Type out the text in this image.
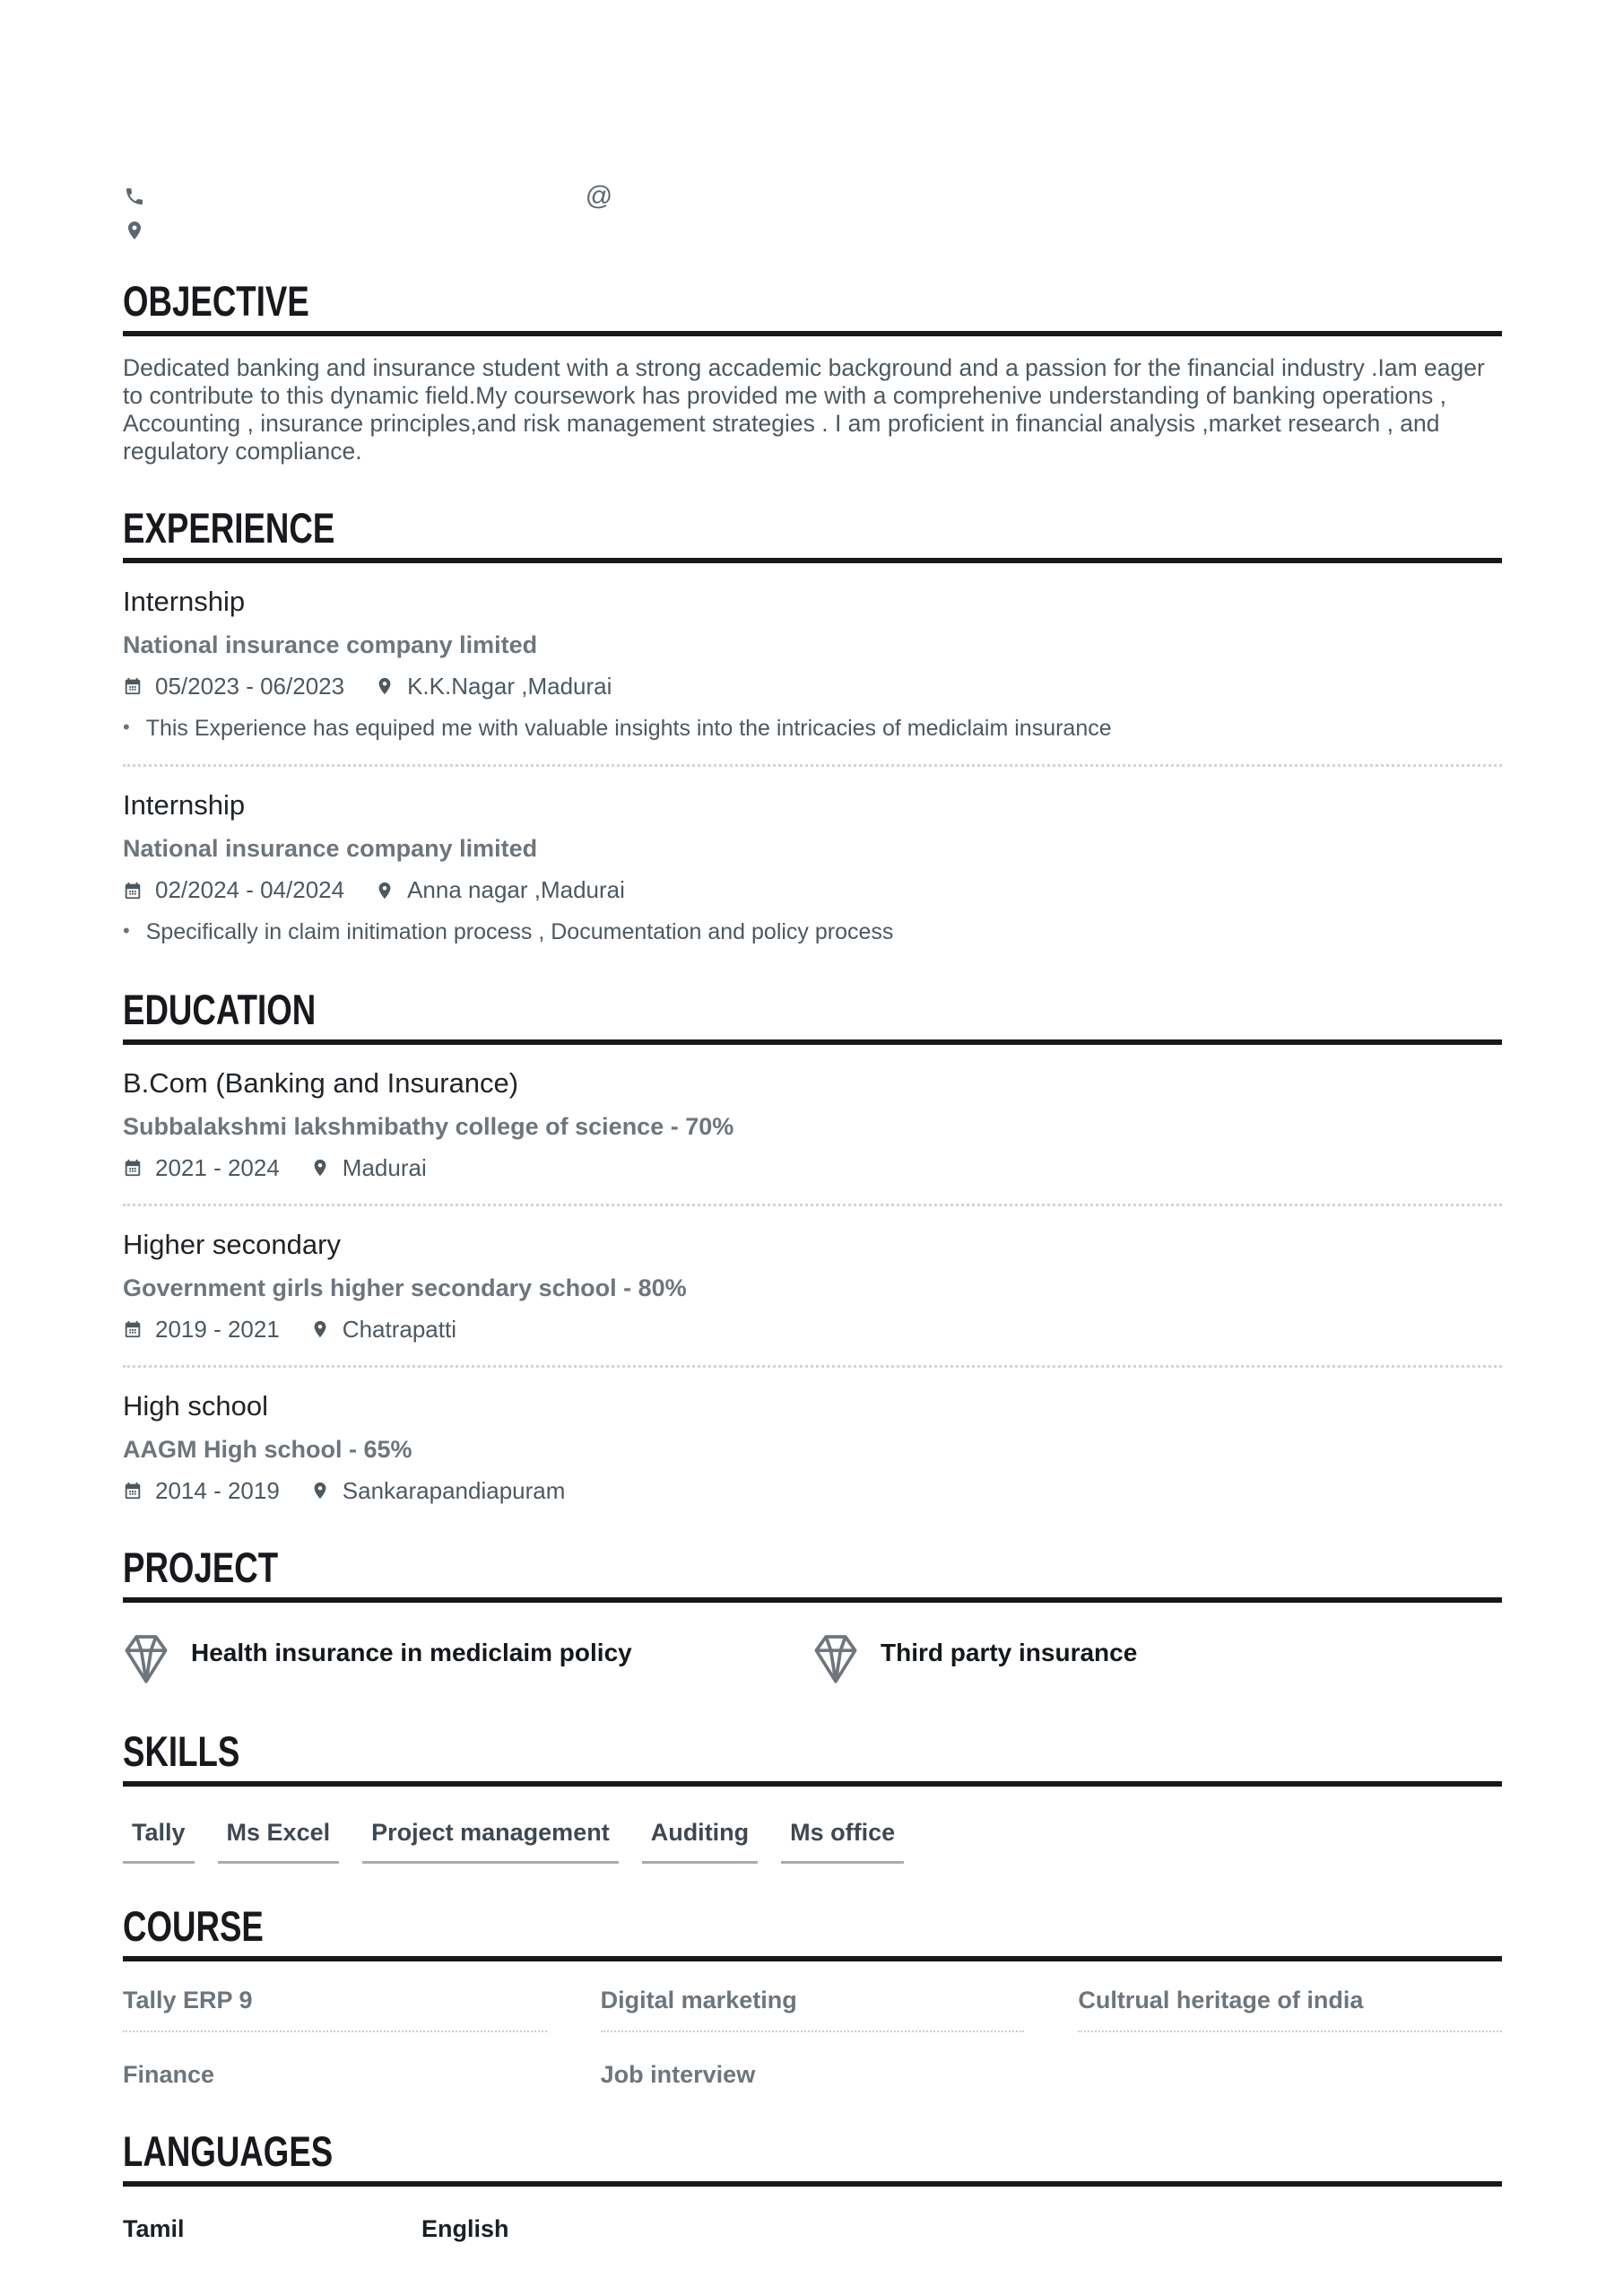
@
OBJECTIVE

Dedicated banking and insurance student with a strong accademic background and a passion for the financial industry .Iam eager to contribute to this dynamic field.My coursework has provided me with a comprehenive understanding of banking operations , Accounting , insurance principles,and risk management strategies . I am proficient in financial analysis ,market research , and regulatory compliance.

EXPERIENCE
Internship
National insurance company limited
05/2023 - 06/2023	K.K.Nagar ,Madurai
• This Experience has equiped me with valuable insights into the intricacies of mediclaim insurance
Internship
National insurance company limited
02/2024 - 04/2024	Anna nagar ,Madurai
• Specifically in claim initimation process , Documentation and policy process
EDUCATION
B.Com (Banking and Insurance)
Subbalakshmi lakshmibathy college of science - 70%
2021 - 2024	Madurai
Higher secondary
Government girls higher secondary school - 80%
2019 - 2021	Chatrapatti
High school
AAGM High school - 65%
2014 - 2019	Sankarapandiapuram
PROJECT
Health insurance in mediclaim policy	Third party insurance
SKILLS
Tally	Ms Excel	Project management	Auditing	Ms office
COURSE
Tally ERP 9	Digital marketing	Cultrual heritage of india
Finance	Job interview
LANGUAGES
Tamil	English
